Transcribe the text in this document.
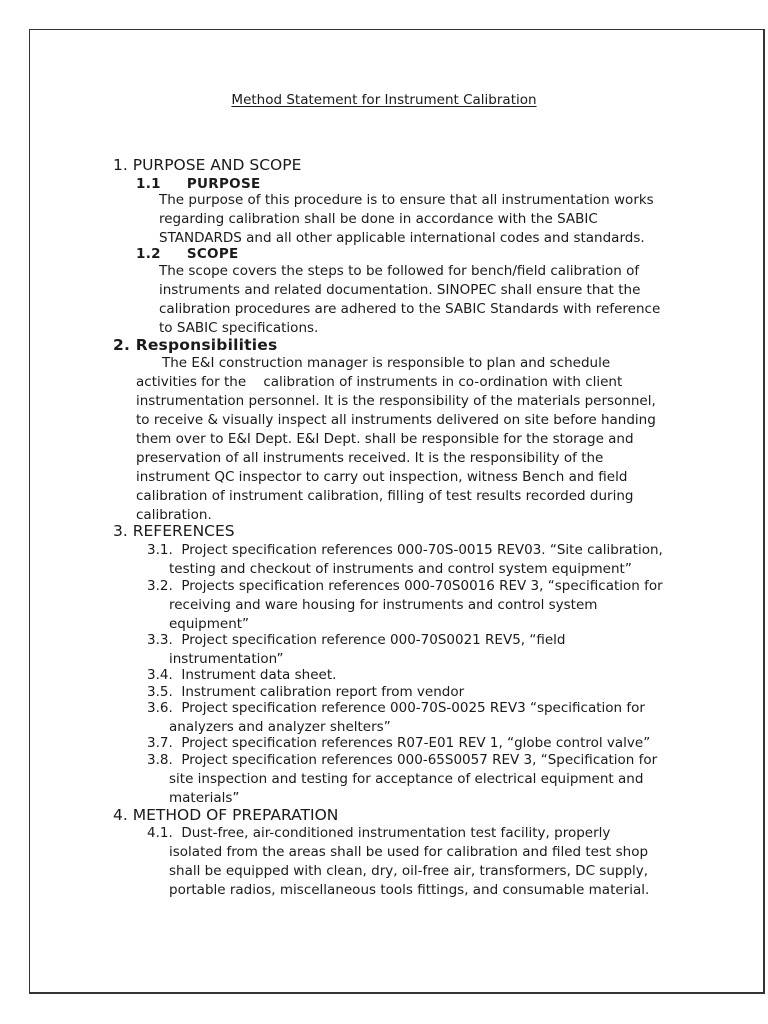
Method Statement for Instrument Calibration
1. PURPOSE AND SCOPE
1.1 PURPOSE
The purpose of this procedure is to ensure that all instrumentation works
regarding calibration shall be done in accordance with the SABIC
STANDARDS and all other applicable international codes and standards.
1.2 SCOPE
The scope covers the steps to be followed for bench/field calibration of
instruments and related documentation. SINOPEC shall ensure that the
calibration procedures are adhered to the SABIC Standards with reference
to SABIC specifications.
2. Responsibilities
The E&I construction manager is responsible to plan and schedule
activities for the    calibration of instruments in co-ordination with client
instrumentation personnel. It is the responsibility of the materials personnel,
to receive & visually inspect all instruments delivered on site before handing
them over to E&I Dept. E&I Dept. shall be responsible for the storage and
preservation of all instruments received. It is the responsibility of the
instrument QC inspector to carry out inspection, witness Bench and field
calibration of instrument calibration, filling of test results recorded during
calibration.
3. REFERENCES
3.1. Project specification references 000-70S-0015 REV03. “Site calibration,
testing and checkout of instruments and control system equipment”
3.2. Projects specification references 000-70S0016 REV 3, “specification for
receiving and ware housing for instruments and control system
equipment”
3.3. Project specification reference 000-70S0021 REV5, “field
instrumentation”
3.4. Instrument data sheet.
3.5. Instrument calibration report from vendor
3.6. Project specification reference 000-70S-0025 REV3 “specification for
analyzers and analyzer shelters”
3.7. Project specification references R07-E01 REV 1, “globe control valve”
3.8. Project specification references 000-65S0057 REV 3, “Specification for
site inspection and testing for acceptance of electrical equipment and
materials”
4. METHOD OF PREPARATION
4.1. Dust-free, air-conditioned instrumentation test facility, properly
isolated from the areas shall be used for calibration and filed test shop
shall be equipped with clean, dry, oil-free air, transformers, DC supply,
portable radios, miscellaneous tools fittings, and consumable material.
